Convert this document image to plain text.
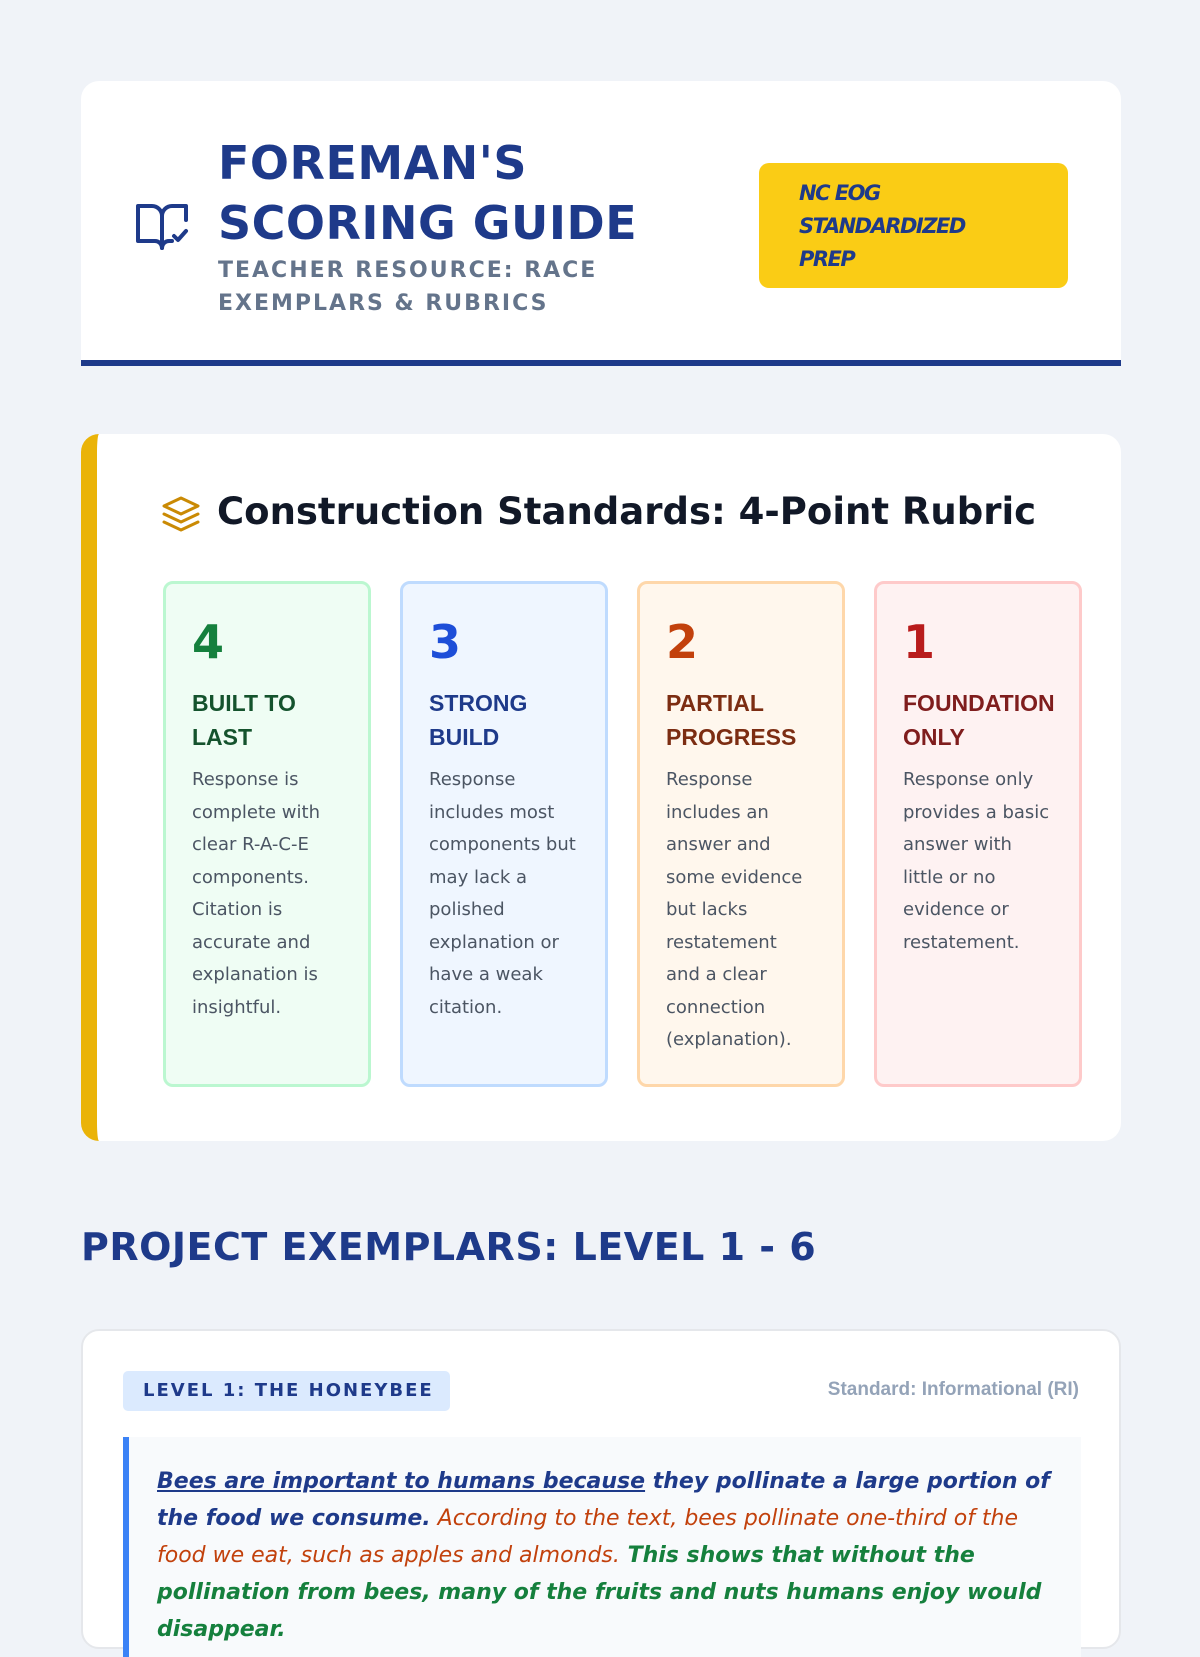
FOREMAN'S SCORING GUIDE
TEACHER RESOURCE: RACE EXEMPLARS & RUBRICS
NC EOG
STANDARDIZED
PREP
Construction Standards: 4-Point Rubric
4
BUILT TO LAST
Response is complete with clear R-A-C-E components. Citation is accurate and explanation is insightful.
3
STRONG BUILD
Response includes most components but may lack a polished explanation or have a weak citation.
2
PARTIAL PROGRESS
Response includes an answer and some evidence but lacks restatement and a clear connection (explanation).
1
FOUNDATION ONLY
Response only provides a basic answer with little or no evidence or restatement.
PROJECT EXEMPLARS: LEVEL 1 - 6
LEVEL 1: THE HONEYBEE	Standard: Informational (RI)
Bees are important to humans because they pollinate a large portion of the food we consume. According to the text, bees pollinate one-third of the food we eat, such as apples and almonds. This shows that without the pollination from bees, many of the fruits and nuts humans enjoy would disappear.
